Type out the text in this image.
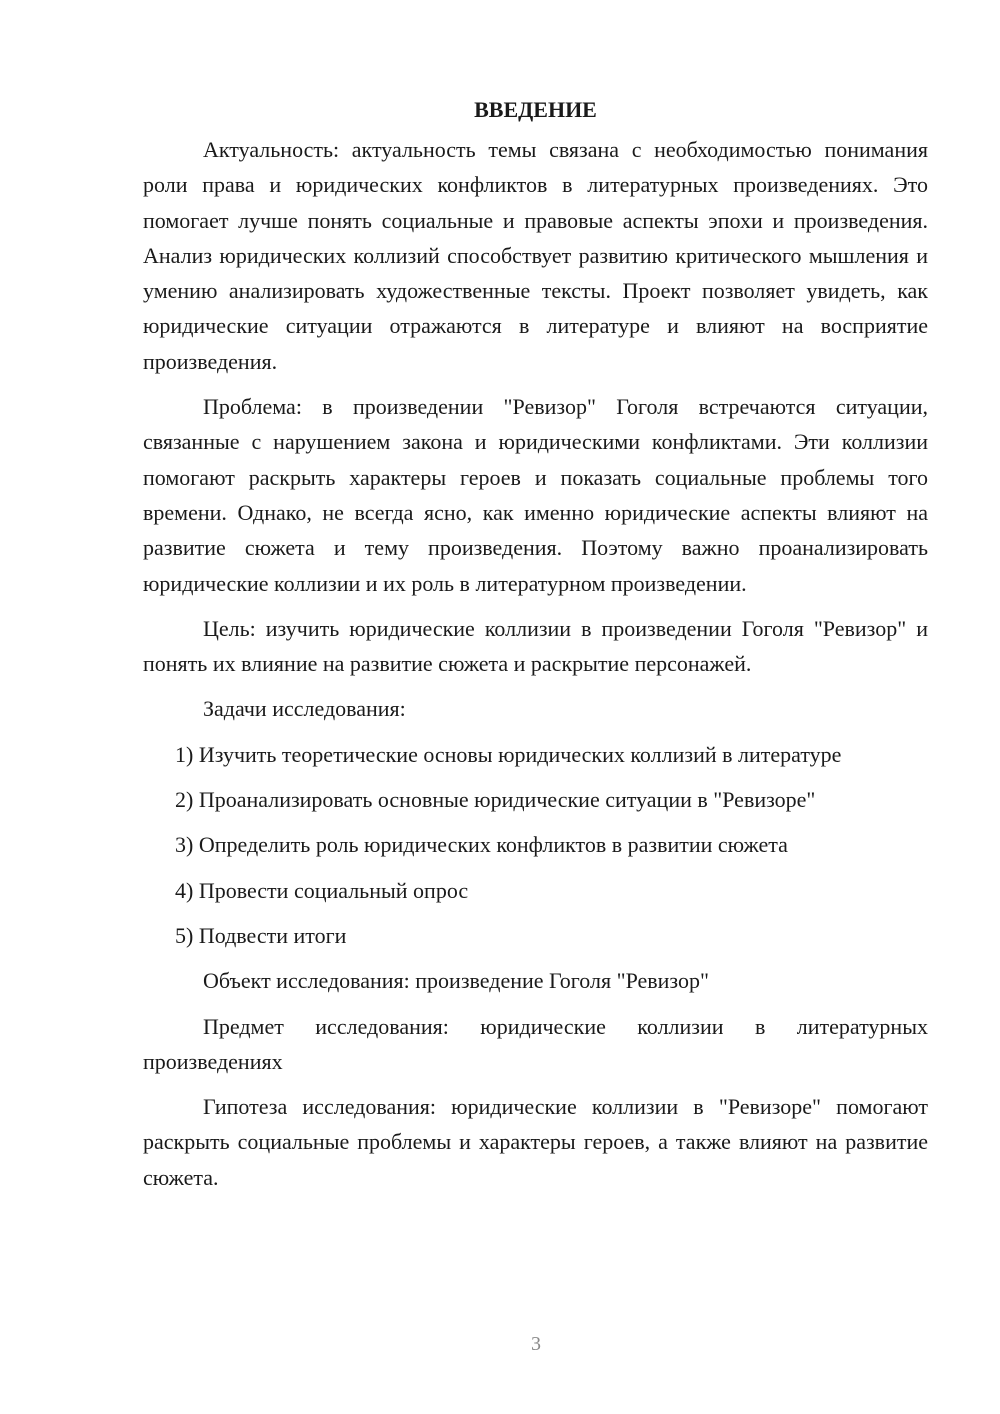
ВВЕДЕНИЕ

Актуальность: актуальность темы связана с необходимостью понимания роли права и юридических конфликтов в литературных произведениях. Это помогает лучше понять социальные и правовые аспекты эпохи и произведения. Анализ юридических коллизий способствует развитию критического мышления и умению анализировать художественные тексты. Проект позволяет увидеть, как юридические ситуации отражаются в литературе и влияют на восприятие произведения.

Проблема: в произведении "Ревизор" Гоголя встречаются ситуации, связанные с нарушением закона и юридическими конфликтами. Эти коллизии помогают раскрыть характеры героев и показать социальные проблемы того времени. Однако, не всегда ясно, как именно юридические аспекты влияют на развитие сюжета и тему произведения. Поэтому важно проанализировать юридические коллизии и их роль в литературном произведении.

Цель: изучить юридические коллизии в произведении Гоголя "Ревизор" и понять их влияние на развитие сюжета и раскрытие персонажей.

Задачи исследования:

1) Изучить теоретические основы юридических коллизий в литературе

2) Проанализировать основные юридические ситуации в "Ревизоре"

3) Определить роль юридических конфликтов в развитии сюжета

4) Провести социальный опрос

5) Подвести итоги

Объект исследования: произведение Гоголя "Ревизор"

Предмет исследования: юридические коллизии в литературных произведениях

Гипотеза исследования: юридические коллизии в "Ревизоре" помогают раскрыть социальные проблемы и характеры героев, а также влияют на развитие сюжета.

3
